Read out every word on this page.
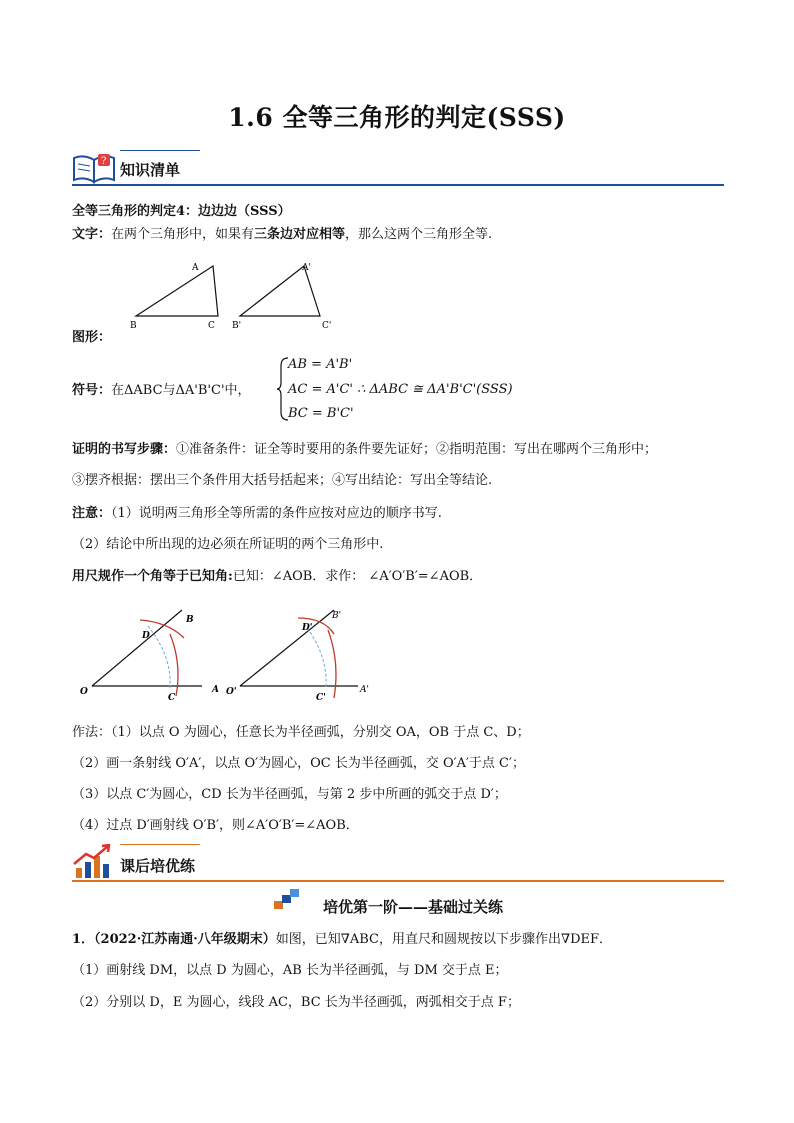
1.6 全等三角形的判定(SSS)
? 知识清单
全等三角形的判定4：边边边（SSS）
文字：在两个三角形中，如果有三条边对应相等，那么这两个三角形全等.
A
B	C
A'
B'	C'
图形：
符号：在ΔABC与ΔA'B'C'中，
AB = A'B'
AC = A'C' ∴ ΔABC ≅ ΔA'B'C'(SSS)
BC = B'C'
证明的书写步骤：①准备条件：证全等时要用的条件要先证好；②指明范围：写出在哪两个三角形中；
③摆齐根据：摆出三个条件用大括号括起来；④写出结论：写出全等结论.
注意：（1）说明两三角形全等所需的条件应按对应边的顺序书写.
（2）结论中所出现的边必须在所证明的两个三角形中.
用尺规作一个角等于已知角:已知：∠AOB．求作： ∠A′O′B′=∠AOB．
O	A
B
C
D
O'	A'
B'
C'
D'
作法：（1）以点 O 为圆心，任意长为半径画弧，分别交 OA，OB 于点 C、D；
（2）画一条射线 O′A′，以点 O′为圆心，OC 长为半径画弧，交 O′A′于点 C′；
（3）以点 C′为圆心，CD 长为半径画弧，与第 2 步中所画的弧交于点 D′；
（4）过点 D′画射线 O′B′，则∠A′O′B′=∠AOB．
课后培优练
培优第一阶——基础过关练
1．（2022·江苏南通·八年级期末）如图，已知∇ABC，用直尺和圆规按以下步骤作出∇DEF．
（1）画射线 DM，以点 D 为圆心，AB 长为半径画弧，与 DM 交于点 E；
（2）分别以 D，E 为圆心，线段 AC，BC 长为半径画弧，两弧相交于点 F；
